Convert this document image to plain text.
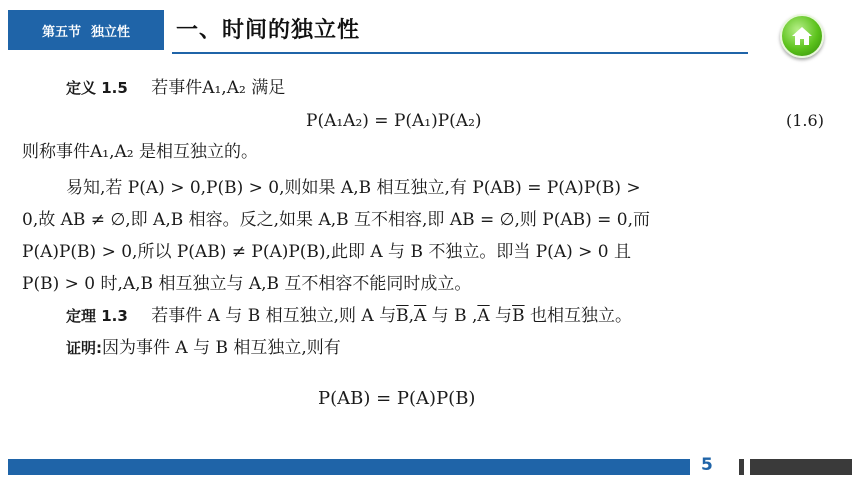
第五节 独立性 一、时间的独立性
定义 1.5 若事件A₁,A₂ 满足
P(A₁A₂) = P(A₁)P(A₂)	(1.6)
则称事件A₁,A₂ 是相互独立的。
易知,若 P(A) > 0,P(B) > 0,则如果 A,B 相互独立,有 P(AB) = P(A)P(B) >
0,故 AB ≠ ∅,即 A,B 相容。反之,如果 A,B 互不相容,即 AB = ∅,则 P(AB) = 0,而
P(A)P(B) > 0,所以 P(AB) ≠ P(A)P(B),此即 A 与 B 不独立。即当 P(A) > 0 且
P(B) > 0 时,A,B 相互独立与 A,B 互不相容不能同时成立。
定理 1.3 若事件 A 与 B 相互独立,则 A 与$\overline{B},\overline{A}$ 与 B $,\overline{A}$ 与$\overline{B}$ 也相互独立。
证明:因为事件 A 与 B 相互独立,则有
P(AB) = P(A)P(B)
5
